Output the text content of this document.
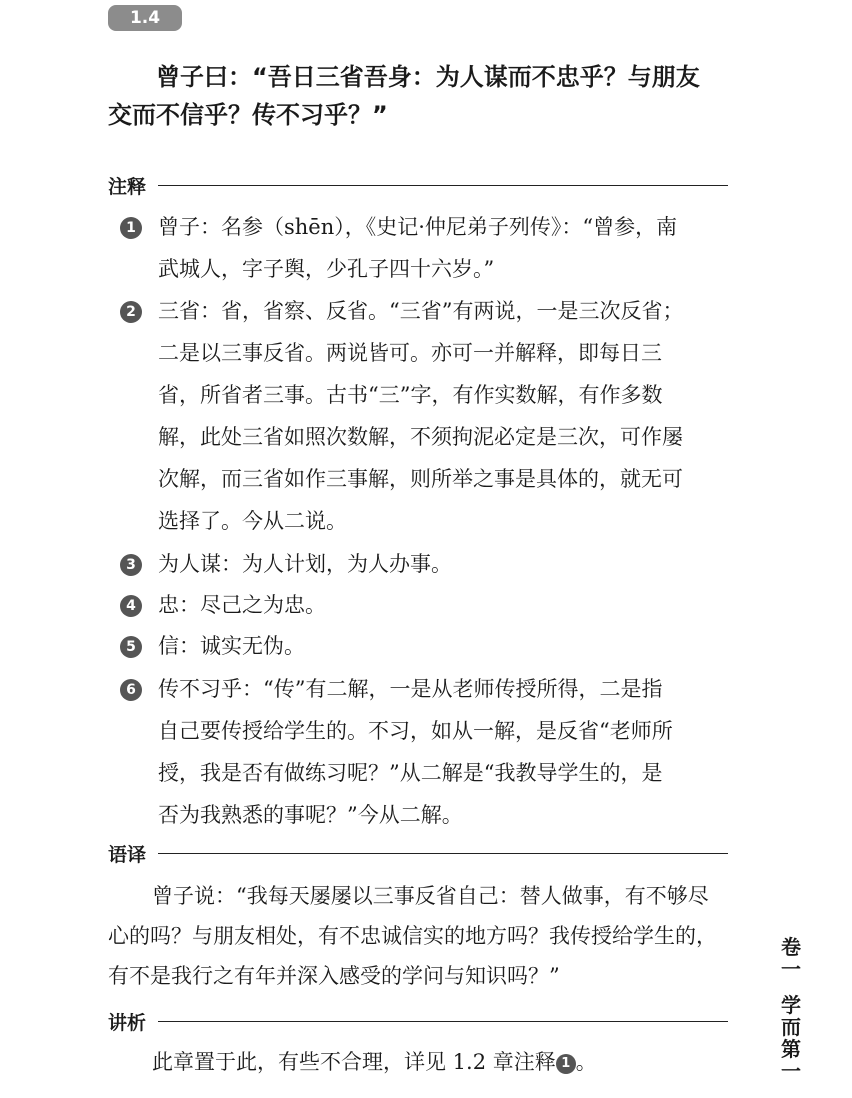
1.4
曾子曰：“吾日三省吾身：为人谋而不忠乎？与朋友
交而不信乎？传不习乎？”
注释
1 曾子：名参（shēn），《史记·仲尼弟子列传》：“曾参，南
武城人，字子舆，少孔子四十六岁。”
2 三省：省，省察、反省。“三省”有两说，一是三次反省；
二是以三事反省。两说皆可。亦可一并解释，即每日三
省，所省者三事。古书“三”字，有作实数解，有作多数
解，此处三省如照次数解，不须拘泥必定是三次，可作屡
次解，而三省如作三事解，则所举之事是具体的，就无可
选择了。今从二说。
3 为人谋：为人计划，为人办事。
4 忠：尽己之为忠。
5 信：诚实无伪。
6 传不习乎：“传”有二解，一是从老师传授所得，二是指
自己要传授给学生的。不习，如从一解，是反省“老师所
授，我是否有做练习呢？”从二解是“我教导学生的，是
否为我熟悉的事呢？”今从二解。
语译
曾子说：“我每天屡屡以三事反省自己：替人做事，有不够尽
心的吗？与朋友相处，有不忠诚信实的地方吗？我传授给学生的，
有不是我行之有年并深入感受的学问与知识吗？”
讲析
此章置于此，有些不合理，详见 1.2 章注释 1 。
卷
一
学
而
第
一
